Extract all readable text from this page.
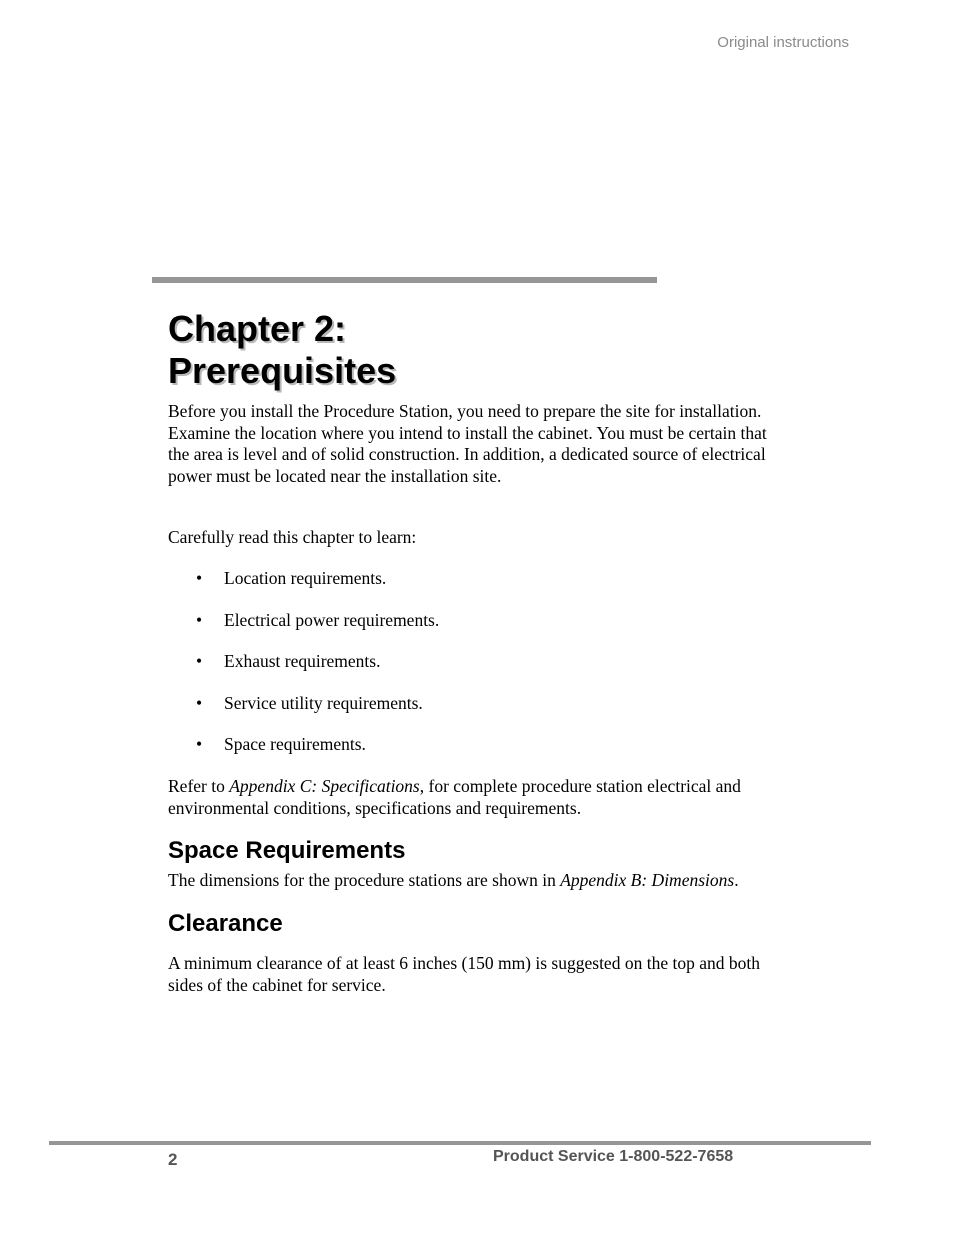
Original instructions
Chapter 2:
Prerequisites

Before you install the Procedure Station, you need to prepare the site for installation. Examine the location where you intend to install the cabinet. You must be certain that the area is level and of solid construction. In addition, a dedicated source of electrical power must be located near the installation site.

Carefully read this chapter to learn:

• Location requirements.
• Electrical power requirements.
• Exhaust requirements.
• Service utility requirements.
• Space requirements.

Refer to Appendix C: Specifications, for complete procedure station electrical and environmental conditions, specifications and requirements.

Space Requirements

The dimensions for the procedure stations are shown in Appendix B: Dimensions.

Clearance

A minimum clearance of at least 6 inches (150 mm) is suggested on the top and both sides of the cabinet for service.

2	Product Service 1-800-522-7658
